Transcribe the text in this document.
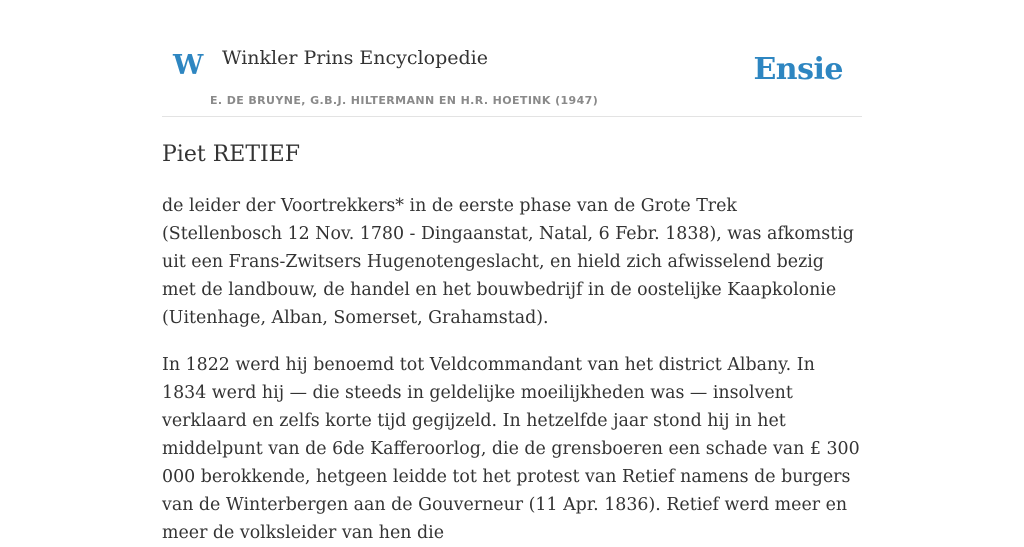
W Winkler Prins Encyclopedie
E. DE BRUYNE, G.B.J. HILTERMANN EN H.R. HOETINK (1947)
Ensie
Piet RETIEF

de leider der Voortrekkers* in de eerste phase van de Grote Trek (Stellenbosch 12 Nov. 1780 - Dingaanstat, Natal, 6 Febr. 1838), was afkomstig uit een Frans-Zwitsers Hugenotengeslacht, en hield zich afwisselend bezig met de landbouw, de handel en het bouwbedrijf in de oostelijke Kaapkolonie (Uitenhage, Alban, Somerset, Grahamstad).

In 1822 werd hij benoemd tot Veldcommandant van het district Albany. In 1834 werd hij — die steeds in geldelijke moeilijkheden was — insolvent verklaard en zelfs korte tijd gegijzeld. In hetzelfde jaar stond hij in het middelpunt van de 6de Kafferoorlog, die de grensboeren een schade van £ 300 000 berokkende, hetgeen leidde tot het protest van Retief namens de burgers van de Winterbergen aan de Gouverneur (11 Apr. 1836). Retief werd meer en meer de volksleider van hen die
